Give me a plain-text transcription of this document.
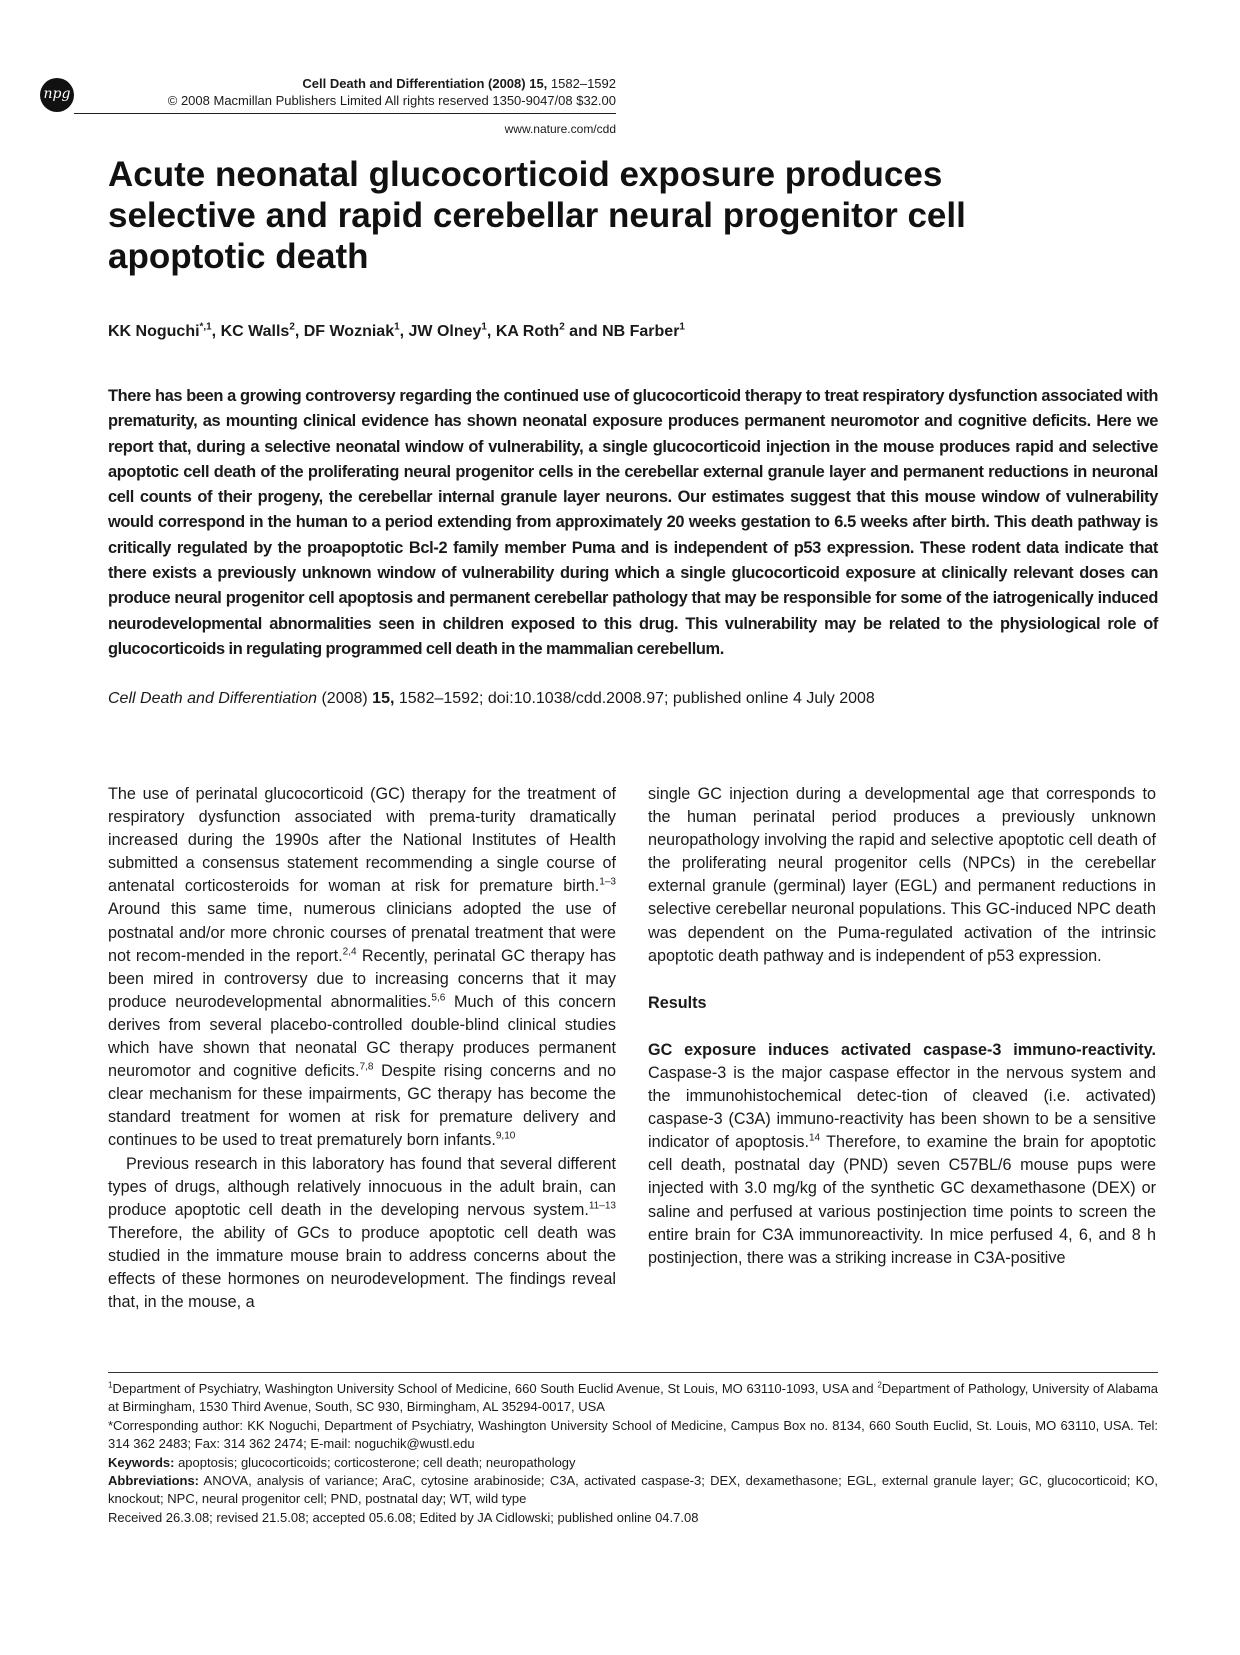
npg
Cell Death and Differentiation (2008) 15, 1582–1592
© 2008 Macmillan Publishers Limited All rights reserved 1350-9047/08 $32.00
www.nature.com/cdd
Acute neonatal glucocorticoid exposure produces selective and rapid cerebellar neural progenitor cell apoptotic death
KK Noguchi$^{*,1}$, KC Walls$^2$, DF Wozniak$^1$, JW Olney$^1$, KA Roth$^2$ and NB Farber$^1$

There has been a growing controversy regarding the continued use of glucocorticoid therapy to treat respiratory dysfunction associated with prematurity, as mounting clinical evidence has shown neonatal exposure produces permanent neuromotor and cognitive deficits. Here we report that, during a selective neonatal window of vulnerability, a single glucocorticoid injection in the mouse produces rapid and selective apoptotic cell death of the proliferating neural progenitor cells in the cerebellar external granule layer and permanent reductions in neuronal cell counts of their progeny, the cerebellar internal granule layer neurons. Our estimates suggest that this mouse window of vulnerability would correspond in the human to a period extending from approximately 20 weeks gestation to 6.5 weeks after birth. This death pathway is critically regulated by the proapoptotic Bcl-2 family member Puma and is independent of p53 expression. These rodent data indicate that there exists a previously unknown window of vulnerability during which a single glucocorticoid exposure at clinically relevant doses can produce neural progenitor cell apoptosis and permanent cerebellar pathology that may be responsible for some of the iatrogenically induced neurodevelopmental abnormalities seen in children exposed to this drug. This vulnerability may be related to the physiological role of glucocorticoids in regulating programmed cell death in the mammalian cerebellum.

Cell Death and Differentiation (2008) 15, 1582–1592; doi:10.1038/cdd.2008.97; published online 4 July 2008

The use of perinatal glucocorticoid (GC) therapy for the treatment of respiratory dysfunction associated with prema-turity dramatically increased during the 1990s after the National Institutes of Health submitted a consensus statement recommending a single course of antenatal corticosteroids for woman at risk for premature birth.$^{1-3}$ Around this same time, numerous clinicians adopted the use of postnatal and/or more chronic courses of prenatal treatment that were not recom-mended in the report.$^{2,4}$ Recently, perinatal GC therapy has been mired in controversy due to increasing concerns that it may produce neurodevelopmental abnormalities.$^{5,6}$ Much of this concern derives from several placebo-controlled double-blind clinical studies which have shown that neonatal GC therapy produces permanent neuromotor and cognitive deficits.$^{7,8}$ Despite rising concerns and no clear mechanism for these impairments, GC therapy has become the standard treatment for women at risk for premature delivery and continues to be used to treat prematurely born infants.$^{9,10}$

Previous research in this laboratory has found that several different types of drugs, although relatively innocuous in the adult brain, can produce apoptotic cell death in the developing nervous system.$^{11-13}$ Therefore, the ability of GCs to produce apoptotic cell death was studied in the immature mouse brain to address concerns about the effects of these hormones on neurodevelopment. The findings reveal that, in the mouse, a

single GC injection during a developmental age that corresponds to the human perinatal period produces a previously unknown neuropathology involving the rapid and selective apoptotic cell death of the proliferating neural progenitor cells (NPCs) in the cerebellar external granule (germinal) layer (EGL) and permanent reductions in selective cerebellar neuronal populations. This GC-induced NPC death was dependent on the Puma-regulated activation of the intrinsic apoptotic death pathway and is independent of p53 expression.

Results

GC exposure induces activated caspase-3 immuno-reactivity. Caspase-3 is the major caspase effector in the nervous system and the immunohistochemical detec-tion of cleaved (i.e. activated) caspase-3 (C3A) immuno-reactivity has been shown to be a sensitive indicator of apoptosis.$^{14}$ Therefore, to examine the brain for apoptotic cell death, postnatal day (PND) seven C57BL/6 mouse pups were injected with 3.0 mg/kg of the synthetic GC dexamethasone (DEX) or saline and perfused at various postinjection time points to screen the entire brain for C3A immunoreactivity. In mice perfused 4, 6, and 8 h postinjection, there was a striking increase in C3A-positive

$^1$Department of Psychiatry, Washington University School of Medicine, 660 South Euclid Avenue, St Louis, MO 63110-1093, USA and $^2$Department of Pathology, University of Alabama at Birmingham, 1530 Third Avenue, South, SC 930, Birmingham, AL 35294-0017, USA

*Corresponding author: KK Noguchi, Department of Psychiatry, Washington University School of Medicine, Campus Box no. 8134, 660 South Euclid, St. Louis, MO 63110, USA. Tel: 314 362 2483; Fax: 314 362 2474; E-mail: noguchik@wustl.edu

Keywords: apoptosis; glucocorticoids; corticosterone; cell death; neuropathology

Abbreviations: ANOVA, analysis of variance; AraC, cytosine arabinoside; C3A, activated caspase-3; DEX, dexamethasone; EGL, external granule layer; GC, glucocorticoid; KO, knockout; NPC, neural progenitor cell; PND, postnatal day; WT, wild type

Received 26.3.08; revised 21.5.08; accepted 05.6.08; Edited by JA Cidlowski; published online 04.7.08
